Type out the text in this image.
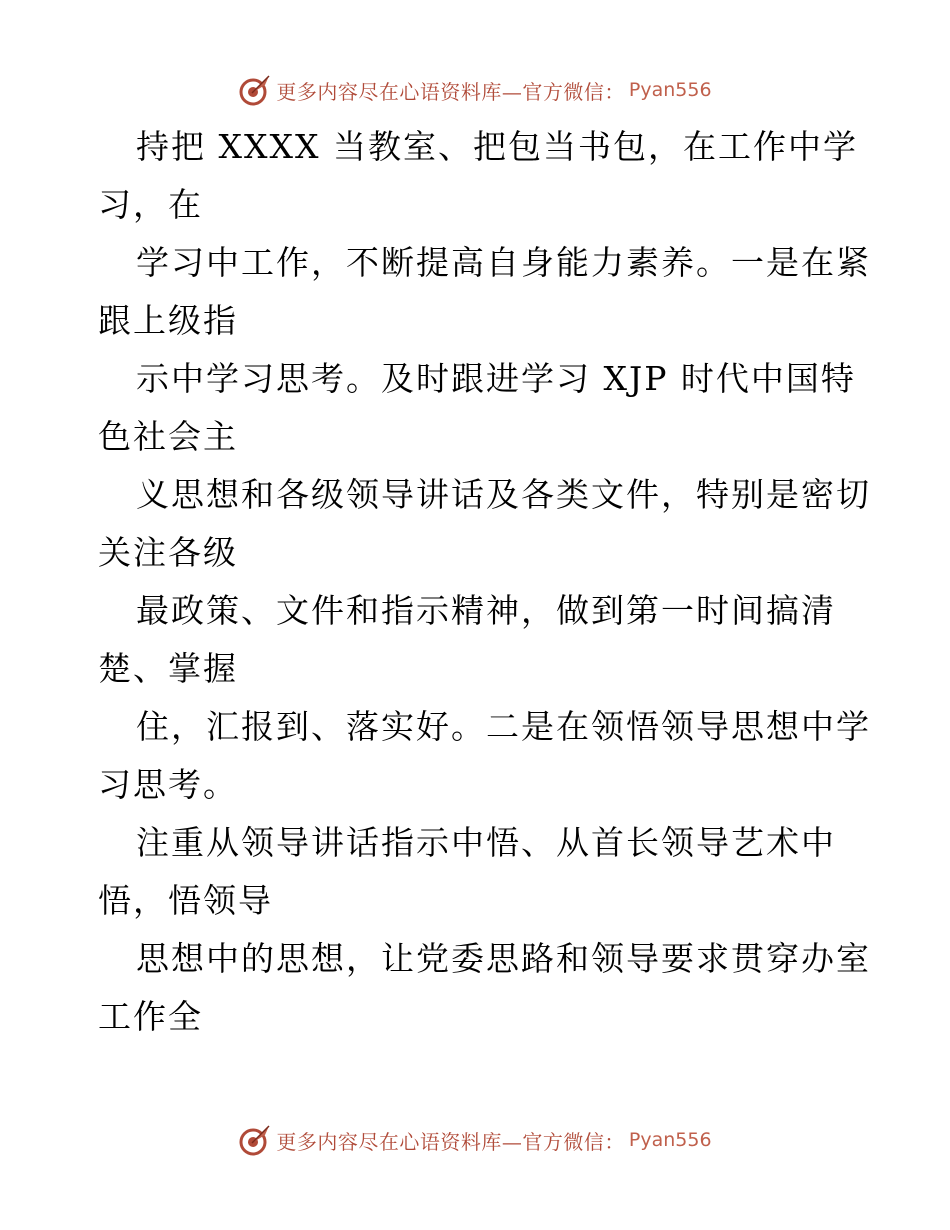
更多内容尽在心语资料库—官方微信： Pyan556
持把 XXXX 当教室、把包当书包，在工作中学
习，在
学习中工作，不断提高自身能力素养。一是在紧
跟上级指
示中学习思考。及时跟进学习 XJP 时代中国特
色社会主
义思想和各级领导讲话及各类文件，特别是密切
关注各级
最政策、文件和指示精神，做到第一时间搞清
楚、掌握
住，汇报到、落实好。二是在领悟领导思想中学
习思考。
注重从领导讲话指示中悟、从首长领导艺术中
悟，悟领导
思想中的思想，让党委思路和领导要求贯穿办室
工作全
更多内容尽在心语资料库—官方微信： Pyan556
